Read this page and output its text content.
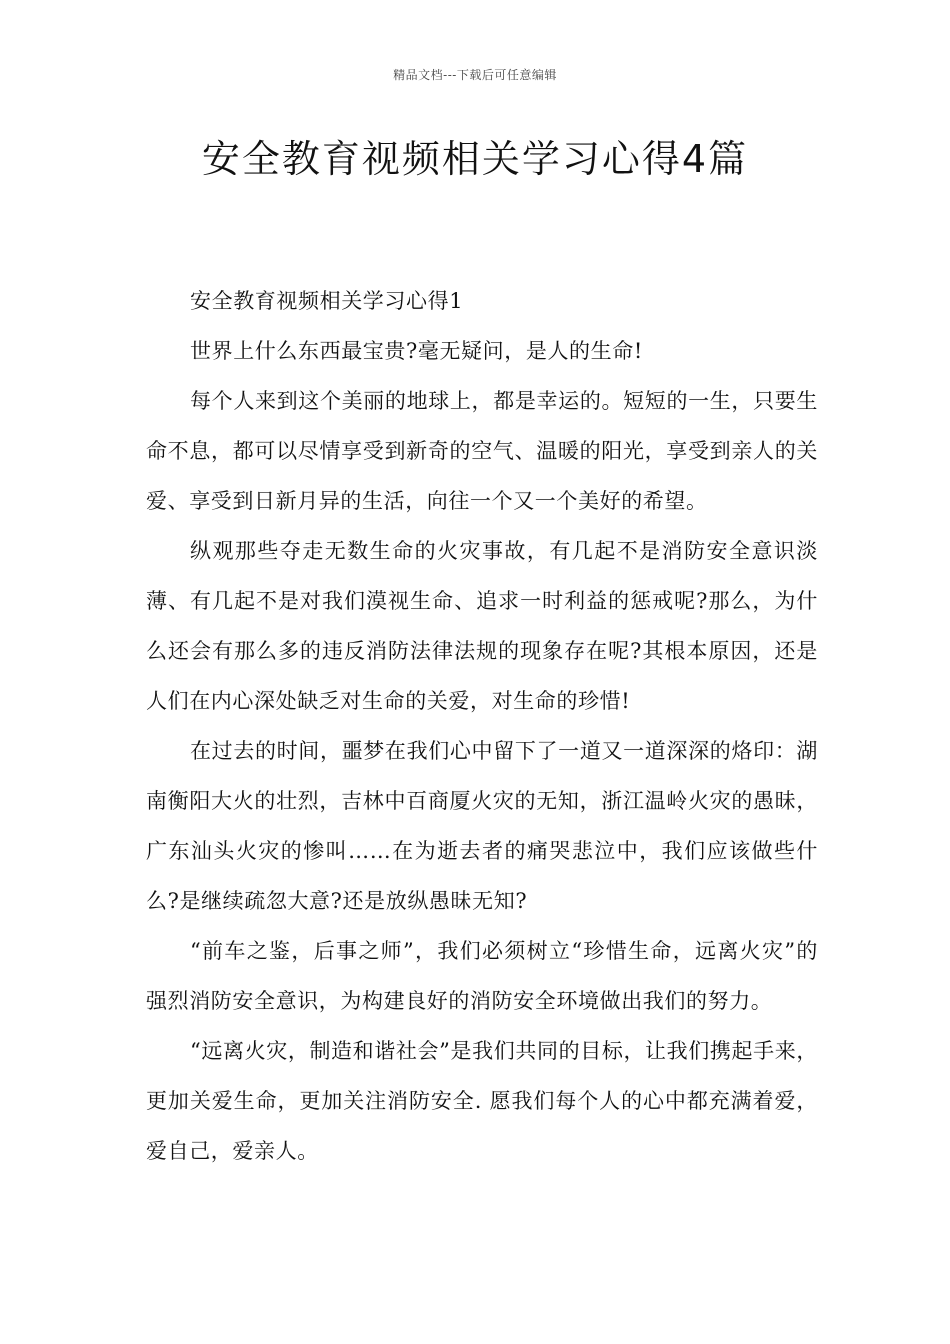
精品文档---下载后可任意编辑
安全教育视频相关学习心得4篇

安全教育视频相关学习心得1

世界上什么东西最宝贵?毫无疑问，是人的生命!

每个人来到这个美丽的地球上，都是幸运的。短短的一生，只要生命不息，都可以尽情享受到新奇的空气、温暖的阳光，享受到亲人的关爱、享受到日新月异的生活，向往一个又一个美好的希望。

纵观那些夺走无数生命的火灾事故，有几起不是消防安全意识淡薄、有几起不是对我们漠视生命、追求一时利益的惩戒呢?那么，为什么还会有那么多的违反消防法律法规的现象存在呢?其根本原因，还是人们在内心深处缺乏对生命的关爱，对生命的珍惜!

在过去的时间，噩梦在我们心中留下了一道又一道深深的烙印：湖南衡阳大火的壮烈，吉林中百商厦火灾的无知，浙江温岭火灾的愚昧，广东汕头火灾的惨叫……在为逝去者的痛哭悲泣中，我们应该做些什么?是继续疏忽大意?还是放纵愚昧无知?

“前车之鉴，后事之师”，我们必须树立“珍惜生命，远离火灾”的强烈消防安全意识，为构建良好的消防安全环境做出我们的努力。

“远离火灾，制造和谐社会”是我们共同的目标，让我们携起手来，更加关爱生命，更加关注消防安全. 愿我们每个人的心中都充满着爱，爱自己，爱亲人。
